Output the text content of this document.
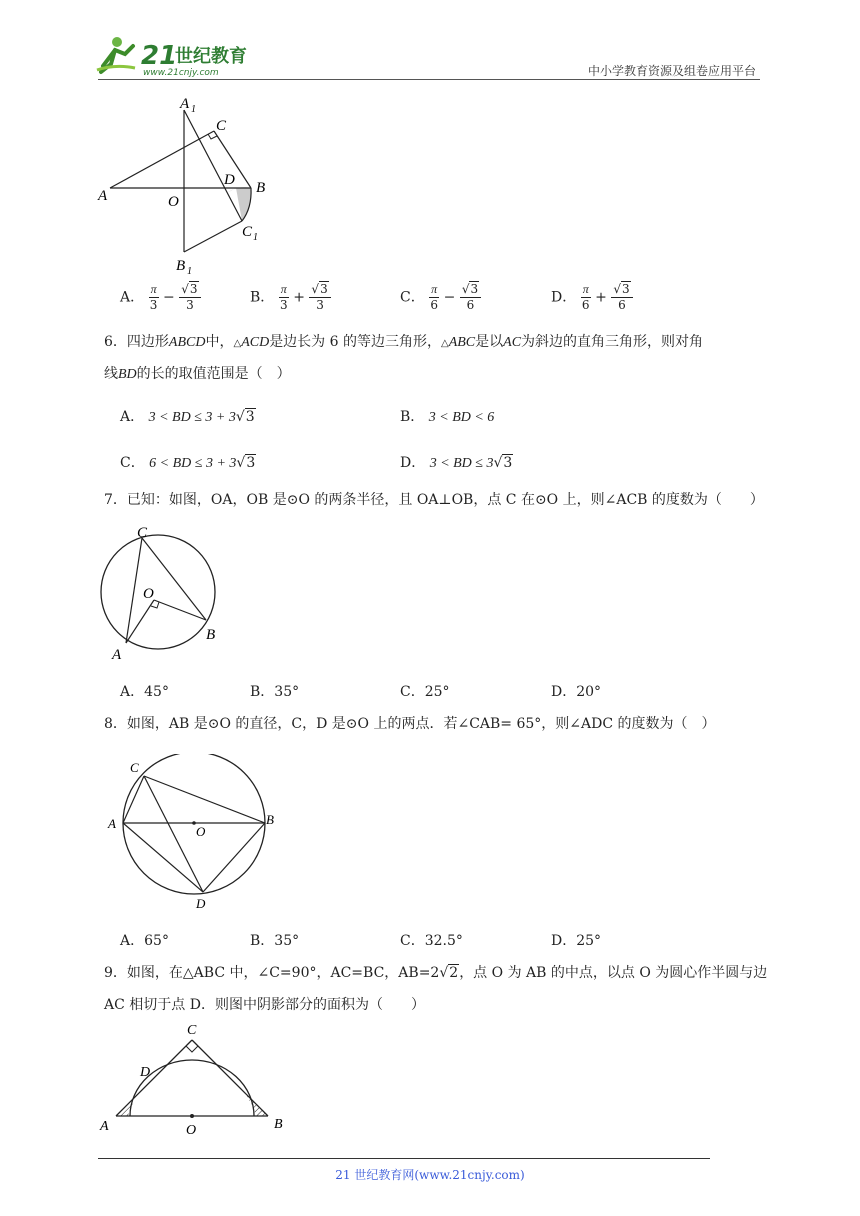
21
世纪教育
www.21cnjy.com	中小学教育资源及组卷应用平台
A 1
C
A	O
D B
C 1
B 1
A． $\frac{\pi}{3} - \frac{√3}{3}$	B． $\frac{\pi}{3} + \frac{√3}{3}$	C． $\frac{\pi}{6} - \frac{√3}{6}$	D． $\frac{\pi}{6} + \frac{√3}{6}$
6．四边形ABCD中，△ACD是边长为 6 的等边三角形，△ABC是以AC为斜边的直角三角形，则对角
线BD的长的取值范围是（　）
A． 3 < BD ≤ 3 + 3√3	B． 3 < BD < 6
C． 6 < BD ≤ 3 + 3√3	D． 3 < BD ≤ 3√3
7．已知：如图，OA，OB 是⊙O 的两条半径，且 OA⊥OB，点 C 在⊙O 上，则∠ACB 的度数为（　　）
C
O
B
A
A．45°	B．35°	C．25°	D．20°
8．如图，AB 是⊙O 的直径，C，D 是⊙O 上的两点．若∠CAB= 65°，则∠ADC 的度数为（　）
C
A
O
B
D
A．65°	B．35°	C．32.5°	D．25°
9．如图，在△ABC 中，∠C=90°，AC=BC，AB=2√2，点 O 为 AB 的中点，以点 O 为圆心作半圆与边
AC 相切于点 D．则图中阴影部分的面积为（　　）
C
D
A	O	B
21 世纪教育网(www.21cnjy.com)
